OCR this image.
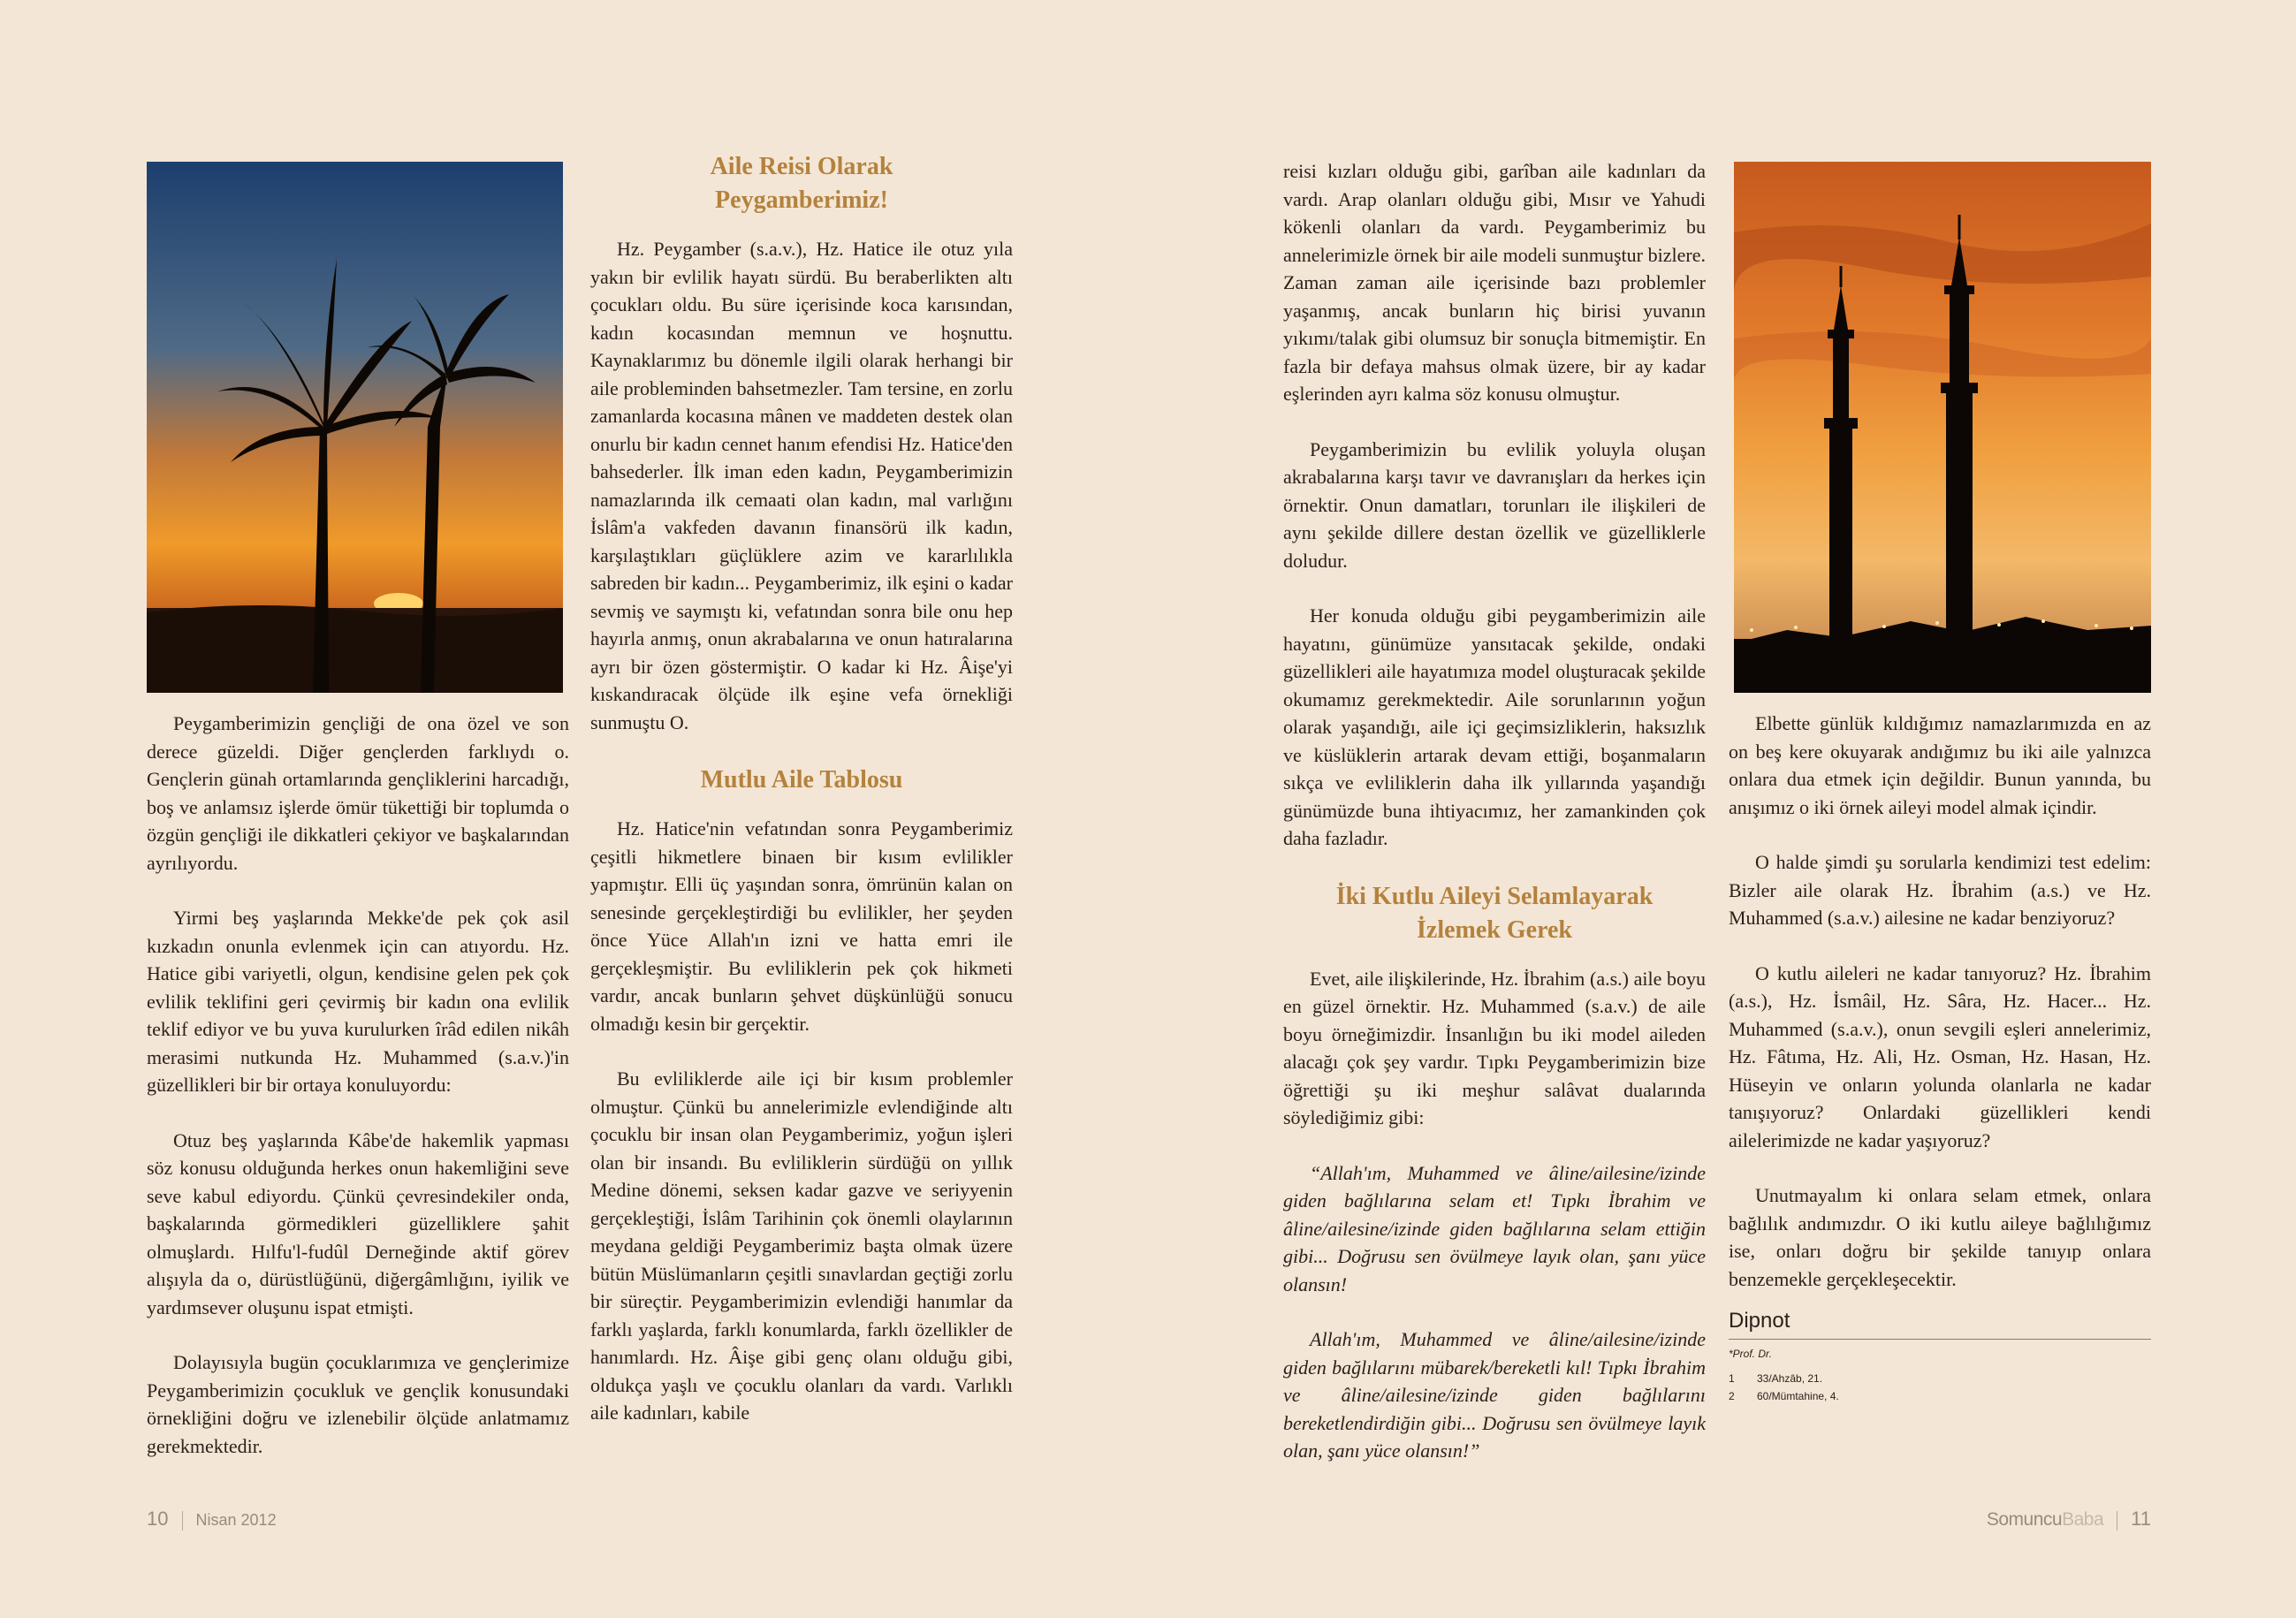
Peygamberimizin gençliği de ona özel ve son derece güzeldi. Diğer gençlerden farklıydı o. Gençlerin günah ortamlarında gençliklerini harcadığı, boş ve anlamsız işlerde ömür tükettiği bir toplumda o özgün gençliği ile dikkatleri çekiyor ve başkalarından ayrılıyordu.

Yirmi beş yaşlarında Mekke'de pek çok asil kızkadın onunla evlenmek için can atıyordu. Hz. Hatice gibi variyetli, olgun, kendisine gelen pek çok evlilik teklifini geri çevirmiş bir kadın ona evlilik teklif ediyor ve bu yuva kurulurken îrâd edilen nikâh merasimi nutkunda Hz. Muhammed (s.a.v.)'in güzellikleri bir bir ortaya konuluyordu:

Otuz beş yaşlarında Kâbe'de hakemlik yapması söz konusu olduğunda herkes onun hakemliğini seve seve kabul ediyordu. Çünkü çevresindekiler onda, başkalarında görmedikleri güzelliklere şahit olmuşlardı. Hılfu'l-fudûl Derneğinde aktif görev alışıyla da o, dürüstlüğünü, diğergâmlığını, iyilik ve yardımsever oluşunu ispat etmişti.

Dolayısıyla bugün çocuklarımıza ve gençlerimize Peygamberimizin çocukluk ve gençlik konusundaki örnekliğini doğru ve izlenebilir ölçüde anlatmamız gerekmektedir.

Aile Reisi Olarak Peygamberimiz!

Hz. Peygamber (s.a.v.), Hz. Hatice ile otuz yıla yakın bir evlilik hayatı sürdü. Bu beraberlikten altı çocukları oldu. Bu süre içerisinde koca karısından, kadın kocasından memnun ve hoşnuttu. Kaynaklarımız bu dönemle ilgili olarak herhangi bir aile probleminden bahsetmezler. Tam tersine, en zorlu zamanlarda kocasına mânen ve maddeten destek olan onurlu bir kadın cennet hanım efendisi Hz. Hatice'den bahsederler. İlk iman eden kadın, Peygamberimizin namazlarında ilk cemaati olan kadın, mal varlığını İslâm'a vakfeden davanın finansörü ilk kadın, karşılaştıkları güçlüklere azim ve kararlılıkla sabreden bir kadın... Peygamberimiz, ilk eşini o kadar sevmiş ve saymıştı ki, vefatından sonra bile onu hep hayırla anmış, onun akrabalarına ve onun hatıralarına ayrı bir özen göstermiştir. O kadar ki Hz. Âişe'yi kıskandıracak ölçüde ilk eşine vefa örnekliği sunmuştu O.

Mutlu Aile Tablosu

Hz. Hatice'nin vefatından sonra Peygamberimiz çeşitli hikmetlere binaen bir kısım evlilikler yapmıştır. Elli üç yaşından sonra, ömrünün kalan on senesinde gerçekleştirdiği bu evlilikler, her şeyden önce Yüce Allah'ın izni ve hatta emri ile gerçekleşmiştir. Bu evliliklerin pek çok hikmeti vardır, ancak bunların şehvet düşkünlüğü sonucu olmadığı kesin bir gerçektir.

Bu evliliklerde aile içi bir kısım problemler olmuştur. Çünkü bu annelerimizle evlendiğinde altı çocuklu bir insan olan Peygamberimiz, yoğun işleri olan bir insandı. Bu evliliklerin sürdüğü on yıllık Medine dönemi, seksen kadar gazve ve seriyyenin gerçekleştiği, İslâm Tarihinin çok önemli olaylarının meydana geldiği Peygamberimiz başta olmak üzere bütün Müslümanların çeşitli sınavlardan geçtiği zorlu bir süreçtir. Peygamberimizin evlendiği hanımlar da farklı yaşlarda, farklı konumlarda, farklı özellikler de hanımlardı. Hz. Âişe gibi genç olanı olduğu gibi, oldukça yaşlı ve çocuklu olanları da vardı. Varlıklı aile kadınları, kabile

10 Nisan 2012

reisi kızları olduğu gibi, garîban aile kadınları da vardı. Arap olanları olduğu gibi, Mısır ve Yahudi kökenli olanları da vardı. Peygamberimiz bu annelerimizle örnek bir aile modeli sunmuştur bizlere. Zaman zaman aile içerisinde bazı problemler yaşanmış, ancak bunların hiç birisi yuvanın yıkımı/talak gibi olumsuz bir sonuçla bitmemiştir. En fazla bir defaya mahsus olmak üzere, bir ay kadar eşlerinden ayrı kalma söz konusu olmuştur.

Peygamberimizin bu evlilik yoluyla oluşan akrabalarına karşı tavır ve davranışları da herkes için örnektir. Onun damatları, torunları ile ilişkileri de aynı şekilde dillere destan özellik ve güzelliklerle doludur.

Her konuda olduğu gibi peygamberimizin aile hayatını, günümüze yansıtacak şekilde, ondaki güzellikleri aile hayatımıza model oluşturacak şekilde okumamız gerekmektedir. Aile sorunlarının yoğun olarak yaşandığı, aile içi geçimsizliklerin, haksızlık ve küslüklerin artarak devam ettiği, boşanmaların sıkça ve evliliklerin daha ilk yıllarında yaşandığı günümüzde buna ihtiyacımız, her zamankinden çok daha fazladır.

İki Kutlu Aileyi Selamlayarak İzlemek Gerek

Evet, aile ilişkilerinde, Hz. İbrahim (a.s.) aile boyu en güzel örnektir. Hz. Muhammed (s.a.v.) de aile boyu örneğimizdir. İnsanlığın bu iki model aileden alacağı çok şey vardır. Tıpkı Peygamberimizin bize öğrettiği şu iki meşhur salâvat dualarında söylediğimiz gibi:

“Allah'ım, Muhammed ve âline/ailesine/izinde giden bağlılarına selam et! Tıpkı İbrahim ve âline/ailesine/izinde giden bağlılarına selam ettiğin gibi... Doğrusu sen övülmeye layık olan, şanı yüce olansın!

Allah'ım, Muhammed ve âline/ailesine/izinde giden bağlılarını mübarek/bereketli kıl! Tıpkı İbrahim ve âline/ailesine/izinde giden bağlılarını bereketlendirdiğin gibi... Doğrusu sen övülmeye layık olan, şanı yüce olansın!”

Elbette günlük kıldığımız namazlarımızda en az on beş kere okuyarak andığımız bu iki aile yalnızca onlara dua etmek için değildir. Bunun yanında, bu anışımız o iki örnek aileyi model almak içindir.

O halde şimdi şu sorularla kendimizi test edelim: Bizler aile olarak Hz. İbrahim (a.s.) ve Hz. Muhammed (s.a.v.) ailesine ne kadar benziyoruz?

O kutlu aileleri ne kadar tanıyoruz? Hz. İbrahim (a.s.), Hz. İsmâil, Hz. Sâra, Hz. Hacer... Hz. Muhammed (s.a.v.), onun sevgili eşleri annelerimiz, Hz. Fâtıma, Hz. Ali, Hz. Osman, Hz. Hasan, Hz. Hüseyin ve onların yolunda olanlarla ne kadar tanışıyoruz? Onlardaki güzellikleri kendi ailelerimizde ne kadar yaşıyoruz?

Unutmayalım ki onlara selam etmek, onlara bağlılık andımızdır. O iki kutlu aileye bağlılığımız ise, onları doğru bir şekilde tanıyıp onlara benzemekle gerçekleşecektir.

Dipnot
*Prof. Dr.
1 33/Ahzâb, 21.
2 60/Mümtahine, 4.
SomuncuBaba 11
